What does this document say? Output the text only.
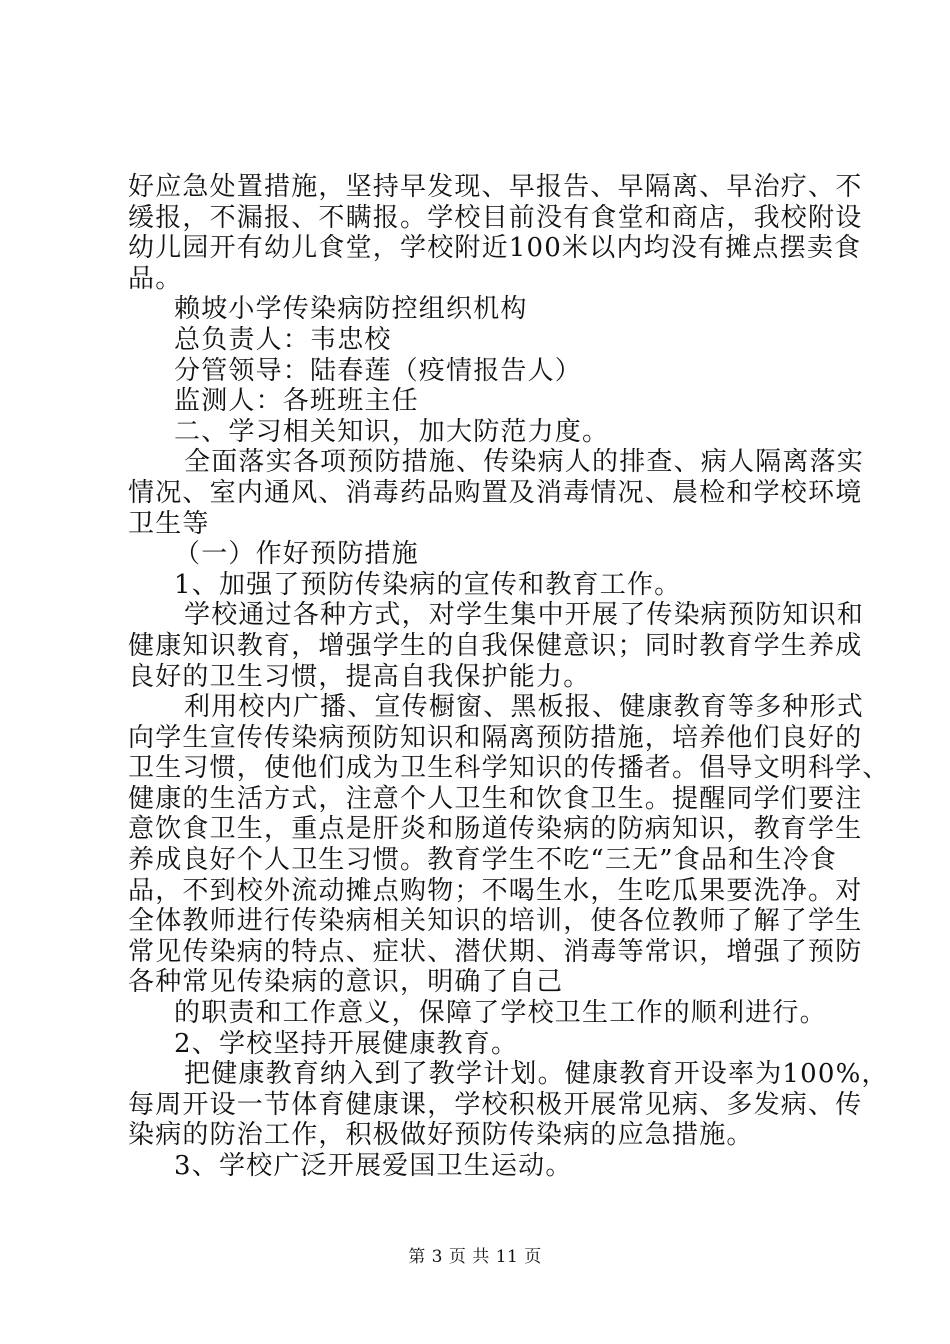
好应急处置措施，坚持早发现、早报告、早隔离、早治疗、不
缓报，不漏报、不瞒报。学校目前没有食堂和商店，我校附设
幼儿园开有幼儿食堂，学校附近100米以内均没有摊点摆卖食
品。
赖坡小学传染病防控组织机构
总负责人：韦忠校
分管领导：陆春莲（疫情报告人）
监测人：各班班主任
二、学习相关知识，加大防范力度。
全面落实各项预防措施、传染病人的排查、病人隔离落实
情况、室内通风、消毒药品购置及消毒情况、晨检和学校环境
卫生等
（一）作好预防措施
1、加强了预防传染病的宣传和教育工作。
学校通过各种方式，对学生集中开展了传染病预防知识和
健康知识教育，增强学生的自我保健意识；同时教育学生养成
良好的卫生习惯，提高自我保护能力。
利用校内广播、宣传橱窗、黑板报、健康教育等多种形式
向学生宣传传染病预防知识和隔离预防措施，培养他们良好的
卫生习惯，使他们成为卫生科学知识的传播者。倡导文明科学、
健康的生活方式，注意个人卫生和饮食卫生。提醒同学们要注
意饮食卫生，重点是肝炎和肠道传染病的防病知识，教育学生
养成良好个人卫生习惯。教育学生不吃“三无”食品和生冷食
品，不到校外流动摊点购物；不喝生水，生吃瓜果要洗净。对
全体教师进行传染病相关知识的培训，使各位教师了解了学生
常见传染病的特点、症状、潜伏期、消毒等常识，增强了预防
各种常见传染病的意识，明确了自己
的职责和工作意义，保障了学校卫生工作的顺利进行。
2、学校坚持开展健康教育。
把健康教育纳入到了教学计划。健康教育开设率为100%，
每周开设一节体育健康课，学校积极开展常见病、多发病、传
染病的防治工作，积极做好预防传染病的应急措施。
3、学校广泛开展爱国卫生运动。
第 3 页 共 11 页
